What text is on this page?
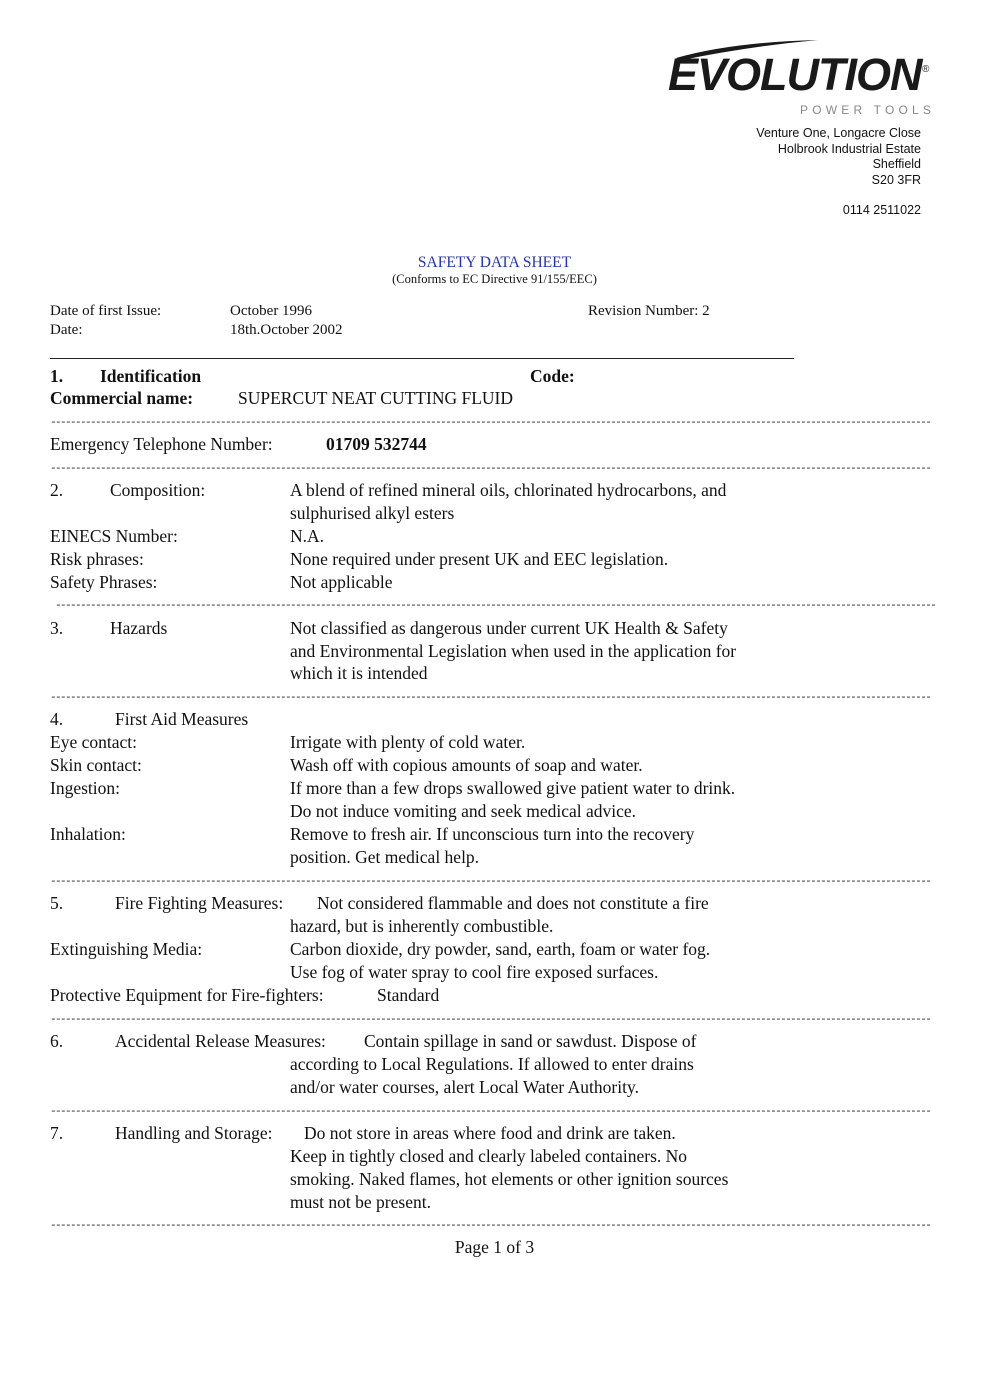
EVOLUTION ®
POWER TOOLS
Venture One, Longacre Close
Holbrook Industrial Estate
Sheffield
S20 3FR
0114 2511022
SAFETY DATA SHEET
(Conforms to EC Directive 91/155/EEC)
Date of first Issue:	October 1996	Revision Number: 2
Date:	18th.October 2002
1. Identification	Code:
Commercial name:	SUPERCUT NEAT CUTTING FLUID
--------------------------------------------------------------------------------------------------------------------------------------------------------------------------------
Emergency Telephone Number:	01709 532744
--------------------------------------------------------------------------------------------------------------------------------------------------------------------------------
2.	Composition:	A blend of refined mineral oils, chlorinated hydrocarbons, and
sulphurised alkyl esters
EINECS Number:	N.A.
Risk phrases:	None required under present UK and EEC legislation.
Safety Phrases:	Not applicable
--------------------------------------------------------------------------------------------------------------------------------------------------------------------------------
3.	Hazards	Not classified as dangerous under current UK Health & Safety
and Environmental Legislation when used in the application for
which it is intended
--------------------------------------------------------------------------------------------------------------------------------------------------------------------------------
4.	First Aid Measures
Eye contact:	Irrigate with plenty of cold water.
Skin contact:	Wash off with copious amounts of soap and water.
Ingestion:	If more than a few drops swallowed give patient water to drink.
Do not induce vomiting and seek medical advice.
Inhalation:	Remove to fresh air. If unconscious turn into the recovery
position. Get medical help.
--------------------------------------------------------------------------------------------------------------------------------------------------------------------------------
5.	Fire Fighting Measures: Not considered flammable and does not constitute a fire
hazard, but is inherently combustible.
Extinguishing Media:	Carbon dioxide, dry powder, sand, earth, foam or water fog.
Use fog of water spray to cool fire exposed surfaces.
Protective Equipment for Fire-fighters:	Standard
--------------------------------------------------------------------------------------------------------------------------------------------------------------------------------
6.	Accidental Release Measures: Contain spillage in sand or sawdust. Dispose of
according to Local Regulations. If allowed to enter drains
and/or water courses, alert Local Water Authority.
--------------------------------------------------------------------------------------------------------------------------------------------------------------------------------
7.	Handling and Storage: Do not store in areas where food and drink are taken.
Keep in tightly closed and clearly labeled containers. No
smoking. Naked flames, hot elements or other ignition sources
must not be present.
--------------------------------------------------------------------------------------------------------------------------------------------------------------------------------
Page 1 of 3
